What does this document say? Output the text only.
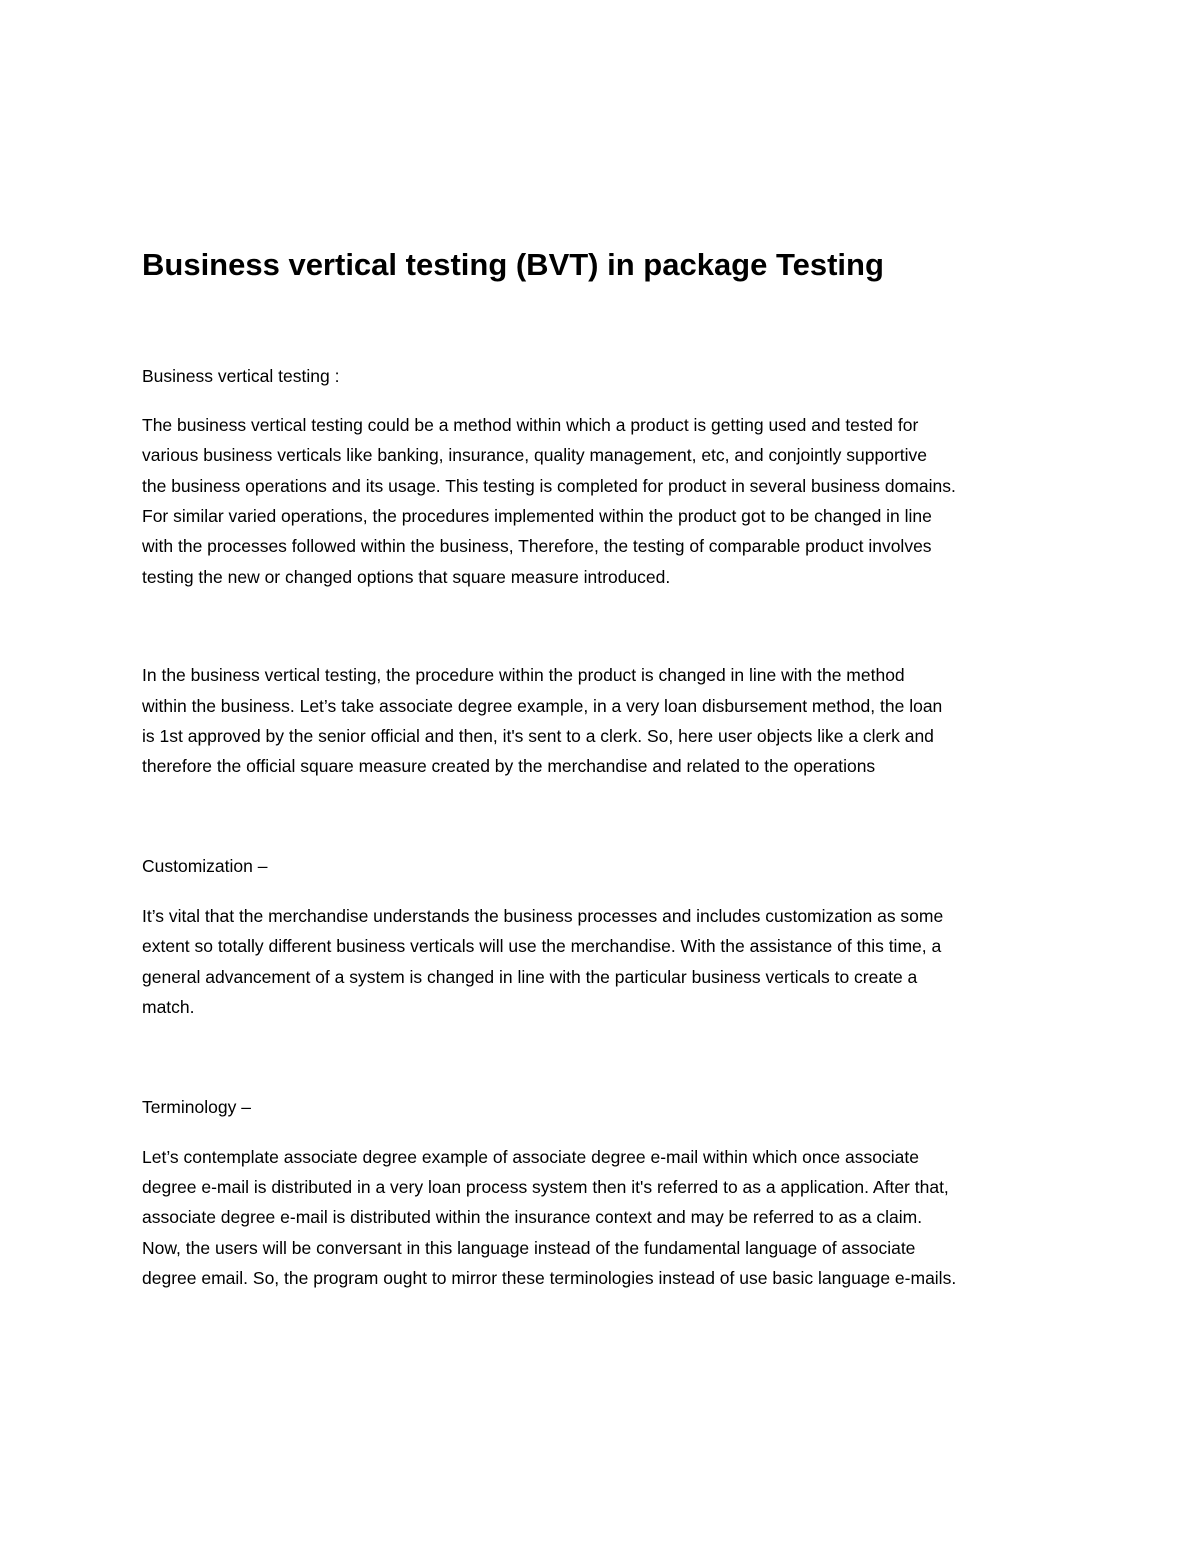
Business vertical testing (BVT) in package Testing

Business vertical testing :

The business vertical testing could be a method within which a product is getting used and tested for

various business verticals like banking, insurance, quality management, etc, and conjointly supportive

the business operations and its usage. This testing is completed for product in several business domains.

For similar varied operations, the procedures implemented within the product got to be changed in line

with the processes followed within the business, Therefore, the testing of comparable product involves

testing the new or changed options that square measure introduced.

In the business vertical testing, the procedure within the product is changed in line with the method

within the business. Let’s take associate degree example, in a very loan disbursement method, the loan

is 1st approved by the senior official and then, it's sent to a clerk. So, here user objects like a clerk and

therefore the official square measure created by the merchandise and related to the operations

Customization –

It’s vital that the merchandise understands the business processes and includes customization as some

extent so totally different business verticals will use the merchandise. With the assistance of this time, a

general advancement of a system is changed in line with the particular business verticals to create a

match.

Terminology –

Let’s contemplate associate degree example of associate degree e-mail within which once associate

degree e-mail is distributed in a very loan process system then it's referred to as a application. After that,

associate degree e-mail is distributed within the insurance context and may be referred to as a claim.

Now, the users will be conversant in this language instead of the fundamental language of associate

degree email. So, the program ought to mirror these terminologies instead of use basic language e-mails.
